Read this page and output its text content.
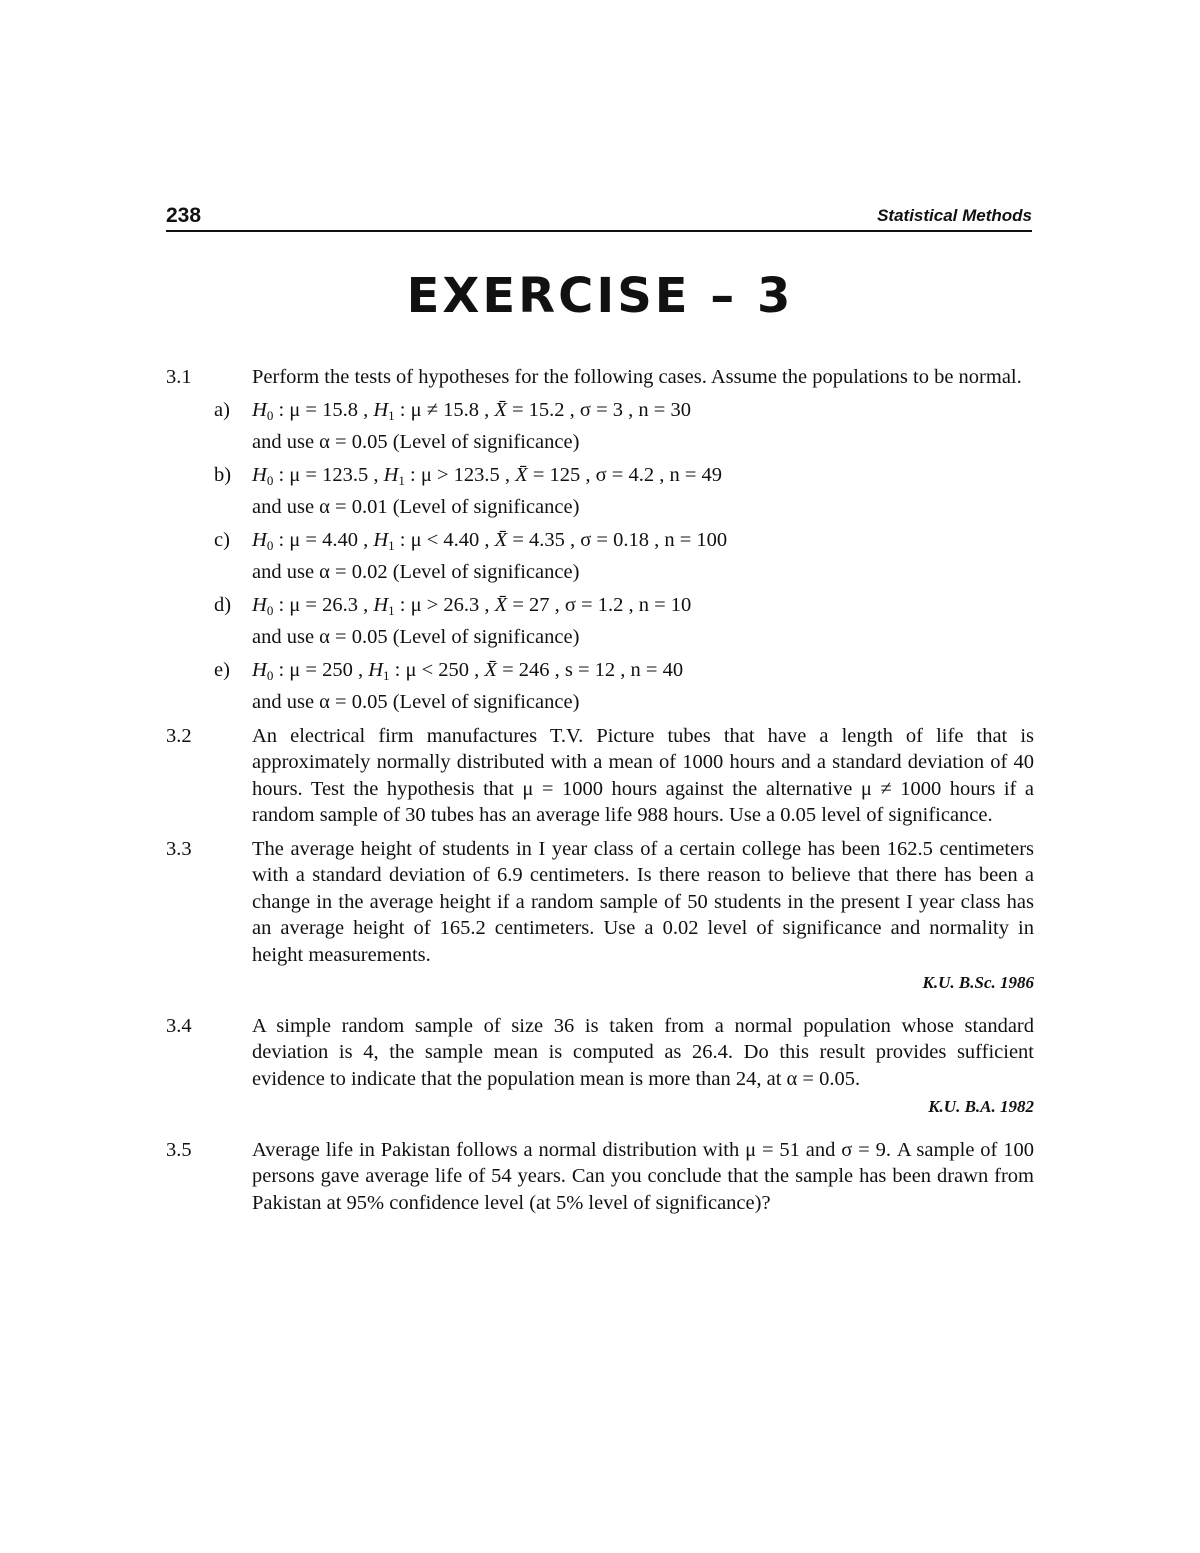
238	Statistical Methods
EXERCISE – 3
3.1	Perform the tests of hypotheses for the following cases. Assume the populations to be normal.
a)	H0 : μ = 15.8 , H1 : μ ≠ 15.8 , X̄ = 15.2 , σ = 3 , n = 30
and use α = 0.05 (Level of significance)
b)	H0 : μ = 123.5 , H1 : μ > 123.5 , X̄ = 125 , σ = 4.2 , n = 49
and use α = 0.01 (Level of significance)
c)	H0 : μ = 4.40 , H1 : μ < 4.40 , X̄ = 4.35 , σ = 0.18 , n = 100
and use α = 0.02 (Level of significance)
d)	H0 : μ = 26.3 , H1 : μ > 26.3 , X̄ = 27 , σ = 1.2 , n = 10
and use α = 0.05 (Level of significance)
e)	H0 : μ = 250 , H1 : μ < 250 , X̄ = 246 , s = 12 , n = 40
and use α = 0.05 (Level of significance)
3.2	An electrical firm manufactures T.V. Picture tubes that have a length of life that is approximately normally distributed with a mean of 1000 hours and a standard deviation of 40 hours. Test the hypothesis that μ = 1000 hours against the alternative μ ≠ 1000 hours if a random sample of 30 tubes has an average life 988 hours. Use a 0.05 level of significance.
3.3	The average height of students in I year class of a certain college has been 162.5 centimeters with a standard deviation of 6.9 centimeters. Is there reason to believe that there has been a change in the average height if a random sample of 50 students in the present I year class has an average height of 165.2 centimeters. Use a 0.02 level of significance and normality in height measurements.
K.U. B.Sc. 1986
3.4	A simple random sample of size 36 is taken from a normal population whose standard deviation is 4, the sample mean is computed as 26.4. Do this result provides sufficient evidence to indicate that the population mean is more than 24, at α = 0.05.
K.U. B.A. 1982
3.5	Average life in Pakistan follows a normal distribution with μ = 51 and σ = 9. A sample of 100 persons gave average life of 54 years. Can you conclude that the sample has been drawn from Pakistan at 95% confidence level (at 5% level of significance)?
